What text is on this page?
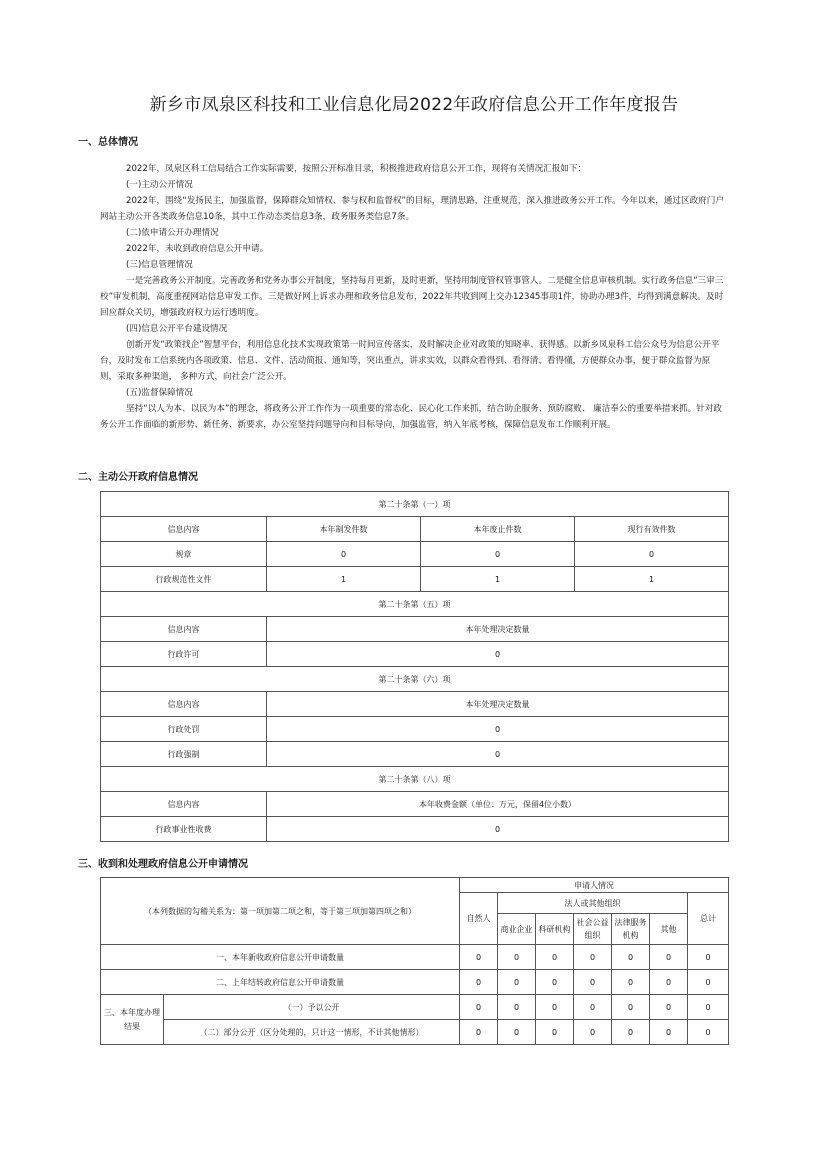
新乡市凤泉区科技和工业信息化局2022年政府信息公开工作年度报告
一、总体情况

2022年，凤泉区科工信局结合工作实际需要，按照公开标准目录，积极推进政府信息公开工作，现将有关情况汇报如下：

(一)主动公开情况

2022年，围绕“发扬民主，加强监督，保障群众知情权、参与权和监督权”的目标，理清思路，注重规范，深入推进政务公开工作。今年以来，通过区政府门户网站主动公开各类政务信息10条，其中工作动态类信息3条，政务服务类信息7条。

(二)依申请公开办理情况

2022年，未收到政府信息公开申请。

(三)信息管理情况

一是完善政务公开制度。完善政务和党务办事公开制度，坚持每月更新，及时更新，坚持用制度管权管事管人。二是健全信息审核机制。实行政务信息“三审三校”审发机制，高度重视网站信息审发工作。三是做好网上诉求办理和政务信息发布，2022年共收到网上交办12345事项1件，协助办理3件，均得到满意解决。及时回应群众关切，增强政府权力运行透明度。

(四)信息公开平台建设情况

创新开发“政策找企”智慧平台，利用信息化技术实现政策第一时间宣传落实，及时解决企业对政策的知晓率、获得感。以新乡凤泉科工信公众号为信息公开平台，及时发布工信系统内各项政策、信息、文件、活动简报、通知等，突出重点，讲求实效，以群众看得到、看得清、看得懂，方便群众办事，便于群众监督为原则，采取多种渠道， 多种方式，向社会广泛公开。

(五)监督保障情况

坚持“以人为本、以民为本”的理念，将政务公开工作作为一项重要的常态化、民心化工作来抓，结合助企服务、预防腐败、 廉洁奉公的重要举措来抓。针对政务公开工作面临的新形势、新任务、新要求，办公室坚持问题导向和目标导向，加强监管，纳入年底考核，保障信息发布工作顺利开展。

二、主动公开政府信息情况
第二十条第（一）项			
信息内容	本年制发件数	本年废止件数	现行有效件数
规章	0	0	0
行政规范性文件	1	1	1
第二十条第（五）项			
信息内容	本年处理决定数量		
行政许可	0		
第二十条第（六）项			
信息内容	本年处理决定数量		
行政处罚	0		
行政强制	0		
第二十条第（八）项			
信息内容	本年收费金额（单位：万元，保留4位小数）		
行政事业性收费	0		
三、收到和处理政府信息公开申请情况
（本列数据的勾稽关系为：第一项加第二项之和，等于第三项加第四项之和）		申请人情况						
		自然人	法人或其他组织					总计
			商业企业	科研机构	社会公益组织	法律服务机构	其他	
一、本年新收政府信息公开申请数量		0	0	0	0	0	0	0
二、上年结转政府信息公开申请数量		0	0	0	0	0	0	0
三、本年度办理结果	（一）予以公开	0	0	0	0	0	0	0
	（二）部分公开（区分处理的，只计这一情形，不计其他情形）	0	0	0	0	0	0	0
